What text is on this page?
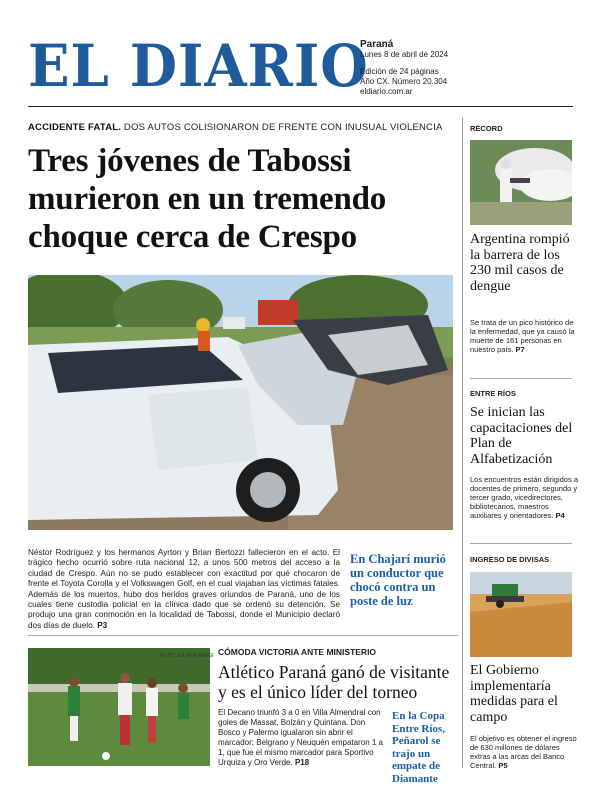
EL DIARIO
Paraná
Lunes 8 de abril de 2024
Edición de 24 páginas
Año CX. Número 20.304
eldiario.com.ar
ACCIDENTE FATAL. DOS AUTOS COLISIONARON DE FRENTE CON INUSUAL VIOLENCIA
Tres jóvenes de Tabossi murieron en un tremendo choque cerca de Crespo
Néstor Rodríguez y los hermanos Ayrton y Brian Bertozzi fallecieron en el acto. El trágico hecho ocurrió sobre ruta nacional 12, a unos 500 metros del acceso a la ciudad de Crespo. Aún no se pudo establecer con exactitud por qué chocaron de frente el Toyota Corolla y el Volkswagen Golf, en el cual viajaban las víctimas fatales. Además de los muertos, hubo dos heridos graves oriundos de Paraná, uno de los cuales tiene custodia policial en la clínica dado que se ordenó su detención. Se produjo una gran conmoción en la localidad de Tabossi, donde el Municipio declaró dos días de duelo. P3
En Chajarí murió un conductor que chocó contra un poste de luz
FOTO: JULIANA FAGGI CÓMODA VICTORIA ANTE MINISTERIO
Atlético Paraná ganó de visitante y es el único líder del torneo
El Decano triunfó 3 a 0 en Villa Almendral con goles de Massat, Bolzán y Quintana. Don Bosco y Palermo igualaron sin abrir el marcador; Belgrano y Neuquén empataron 1 a 1, que fue el mismo marcador para Sportivo Urquiza y Oro Verde. P18
En la Copa Entre Ríos, Peñarol se trajo un empate de Diamante
RÉCORD
Argentina rompió la barrera de los 230 mil casos de dengue
Se trata de un pico histórico de la enfermedad, que ya causó la muerte de 161 personas en nuestro país. P7
ENTRE RÍOS
Se inician las capacitaciones del Plan de Alfabetización
Los encuentros están dirigidos a docentes de primero, segundo y tercer grado, vicedirectores, bibliotecarios, maestros auxiliares y orientadores. P4
INGRESO DE DIVISAS
El Gobierno implementaría medidas para el campo
El objetivo es obtener el ingreso de 630 millones de dólares extras a las arcas del Banco Central. P5
